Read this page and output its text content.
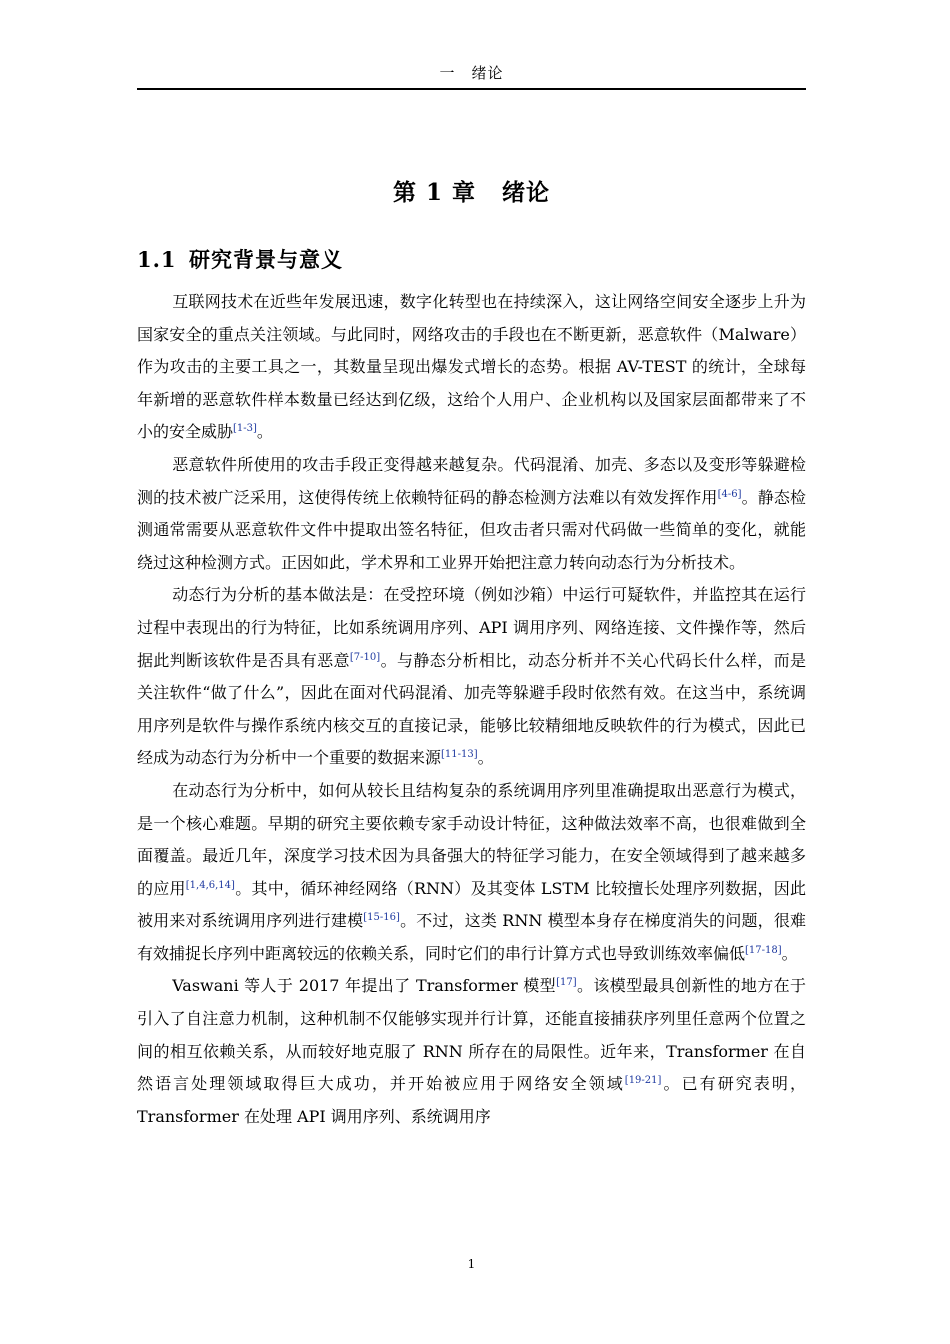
一　绪论
第 1 章 绪论
1.1 研究背景与意义

互联网技术在近些年发展迅速，数字化转型也在持续深入，这让网络空间安全逐步上升为国家安全的重点关注领域。与此同时，网络攻击的手段也在不断更新，恶意软件（Malware）作为攻击的主要工具之一，其数量呈现出爆发式增长的态势。根据 AV-TEST 的统计，全球每年新增的恶意软件样本数量已经达到亿级，这给个人用户、企业机构以及国家层面都带来了不小的安全威胁[1-3]。

恶意软件所使用的攻击手段正变得越来越复杂。代码混淆、加壳、多态以及变形等躲避检测的技术被广泛采用，这使得传统上依赖特征码的静态检测方法难以有效发挥作用[4-6]。静态检测通常需要从恶意软件文件中提取出签名特征，但攻击者只需对代码做一些简单的变化，就能绕过这种检测方式。正因如此，学术界和工业界开始把注意力转向动态行为分析技术。

动态行为分析的基本做法是：在受控环境（例如沙箱）中运行可疑软件，并监控其在运行过程中表现出的行为特征，比如系统调用序列、API 调用序列、网络连接、文件操作等，然后据此判断该软件是否具有恶意[7-10]。与静态分析相比，动态分析并不关心代码长什么样，而是关注软件“做了什么”，因此在面对代码混淆、加壳等躲避手段时依然有效。在这当中，系统调用序列是软件与操作系统内核交互的直接记录，能够比较精细地反映软件的行为模式，因此已经成为动态行为分析中一个重要的数据来源[11-13]。

在动态行为分析中，如何从较长且结构复杂的系统调用序列里准确提取出恶意行为模式，是一个核心难题。早期的研究主要依赖专家手动设计特征，这种做法效率不高，也很难做到全面覆盖。最近几年，深度学习技术因为具备强大的特征学习能力，在安全领域得到了越来越多的应用[1,4,6,14]。其中，循环神经网络（RNN）及其变体 LSTM 比较擅长处理序列数据，因此被用来对系统调用序列进行建模[15-16]。不过，这类 RNN 模型本身存在梯度消失的问题，很难有效捕捉长序列中距离较远的依赖关系，同时它们的串行计算方式也导致训练效率偏低[17-18]。

Vaswani 等人于 2017 年提出了 Transformer 模型[17]。该模型最具创新性的地方在于引入了自注意力机制，这种机制不仅能够实现并行计算，还能直接捕获序列里任意两个位置之间的相互依赖关系，从而较好地克服了 RNN 所存在的局限性。近年来，Transformer 在自然语言处理领域取得巨大成功，并开始被应用于网络安全领域[19-21]。已有研究表明，Transformer 在处理 API 调用序列、系统调用序

1
